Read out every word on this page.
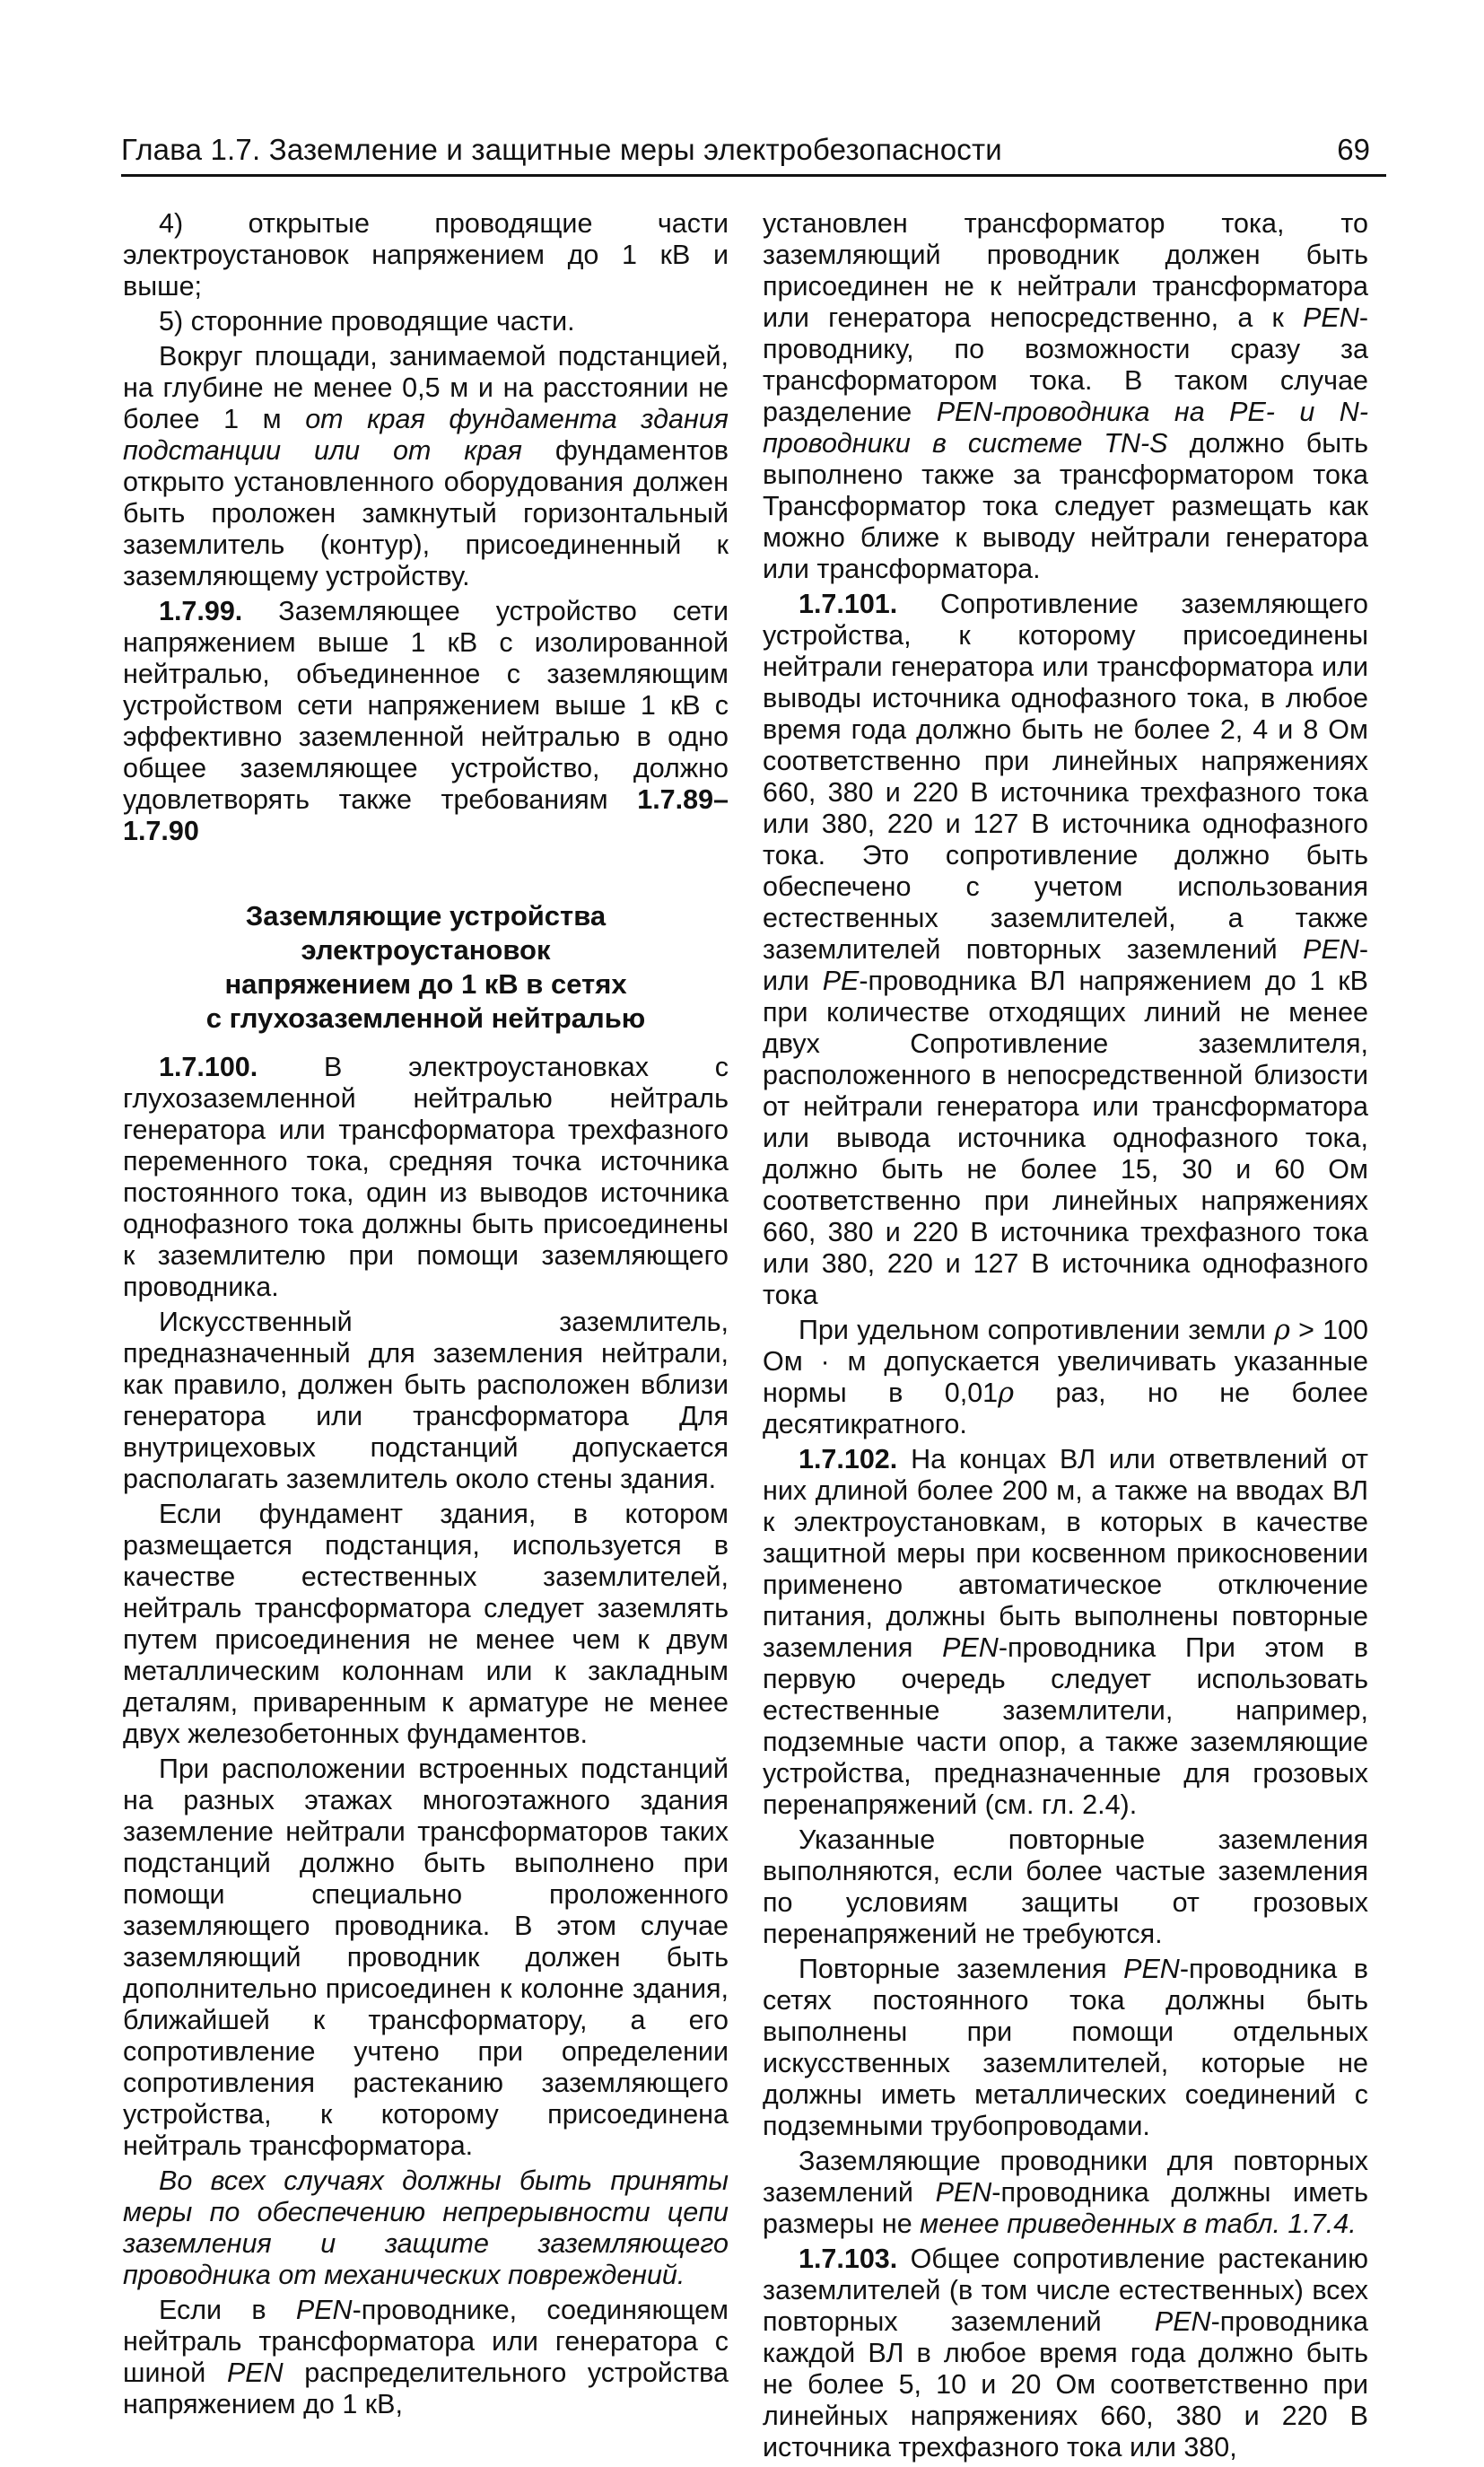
Глава 1.7. Заземление и защитные меры электробезопасности	69

4) открытые проводящие части электроустановок напряжением до 1 кВ и выше;

5) сторонние проводящие части.

Вокруг площади, занимаемой подстанцией, на глубине не менее 0,5 м и на расстоянии не более 1 м от края фундамента здания подстанции или от края фундаментов открыто установленного оборудования должен быть проложен замкнутый горизонтальный заземлитель (контур), присоединенный к заземляющему устройству.

1.7.99. Заземляющее устройство сети напряжением выше 1 кВ с изолированной нейтралью, объединенное с заземляющим устройством сети напряжением выше 1 кВ с эффективно заземленной нейтралью в одно общее заземляющее устройство, должно удовлетворять также требованиям 1.7.89–1.7.90

Заземляющие устройства электроустановок
напряжением до 1 кВ в сетях
с глухозаземленной нейтралью

1.7.100. В электроустановках с глухозаземленной нейтралью нейтраль генератора или трансформатора трехфазного переменного тока, средняя точка источника постоянного тока, один из выводов источника однофазного тока должны быть присоединены к заземлителю при помощи заземляющего проводника.

Искусственный заземлитель, предназначенный для заземления нейтрали, как правило, должен быть расположен вблизи генератора или трансформатора Для внутрицеховых подстанций допускается располагать заземлитель около стены здания.

Если фундамент здания, в котором размещается подстанция, используется в качестве естественных заземлителей, нейтраль трансформатора следует заземлять путем присоединения не менее чем к двум металлическим колоннам или к закладным деталям, приваренным к арматуре не менее двух железобетонных фундаментов.

При расположении встроенных подстанций на разных этажах многоэтажного здания заземление нейтрали трансформаторов таких подстанций должно быть выполнено при помощи специально проложенного заземляющего проводника. В этом случае заземляющий проводник должен быть дополнительно присоединен к колонне здания, ближайшей к трансформатору, а его сопротивление учтено при определении сопротивления растеканию заземляющего устройства, к которому присоединена нейтраль трансформатора.

Во всех случаях должны быть приняты меры по обеспечению непрерывности цепи заземления и защите заземляющего проводника от механических повреждений.

Если в PEN-проводнике, соединяющем нейтраль трансформатора или генератора с шиной PEN распределительного устройства напряжением до 1 кВ,

установлен трансформатор тока, то заземляющий проводник должен быть присоединен не к нейтрали трансформатора или генератора непосредственно, а к PEN-проводнику, по возможности сразу за трансформатором тока. В таком случае разделение PEN-проводника на PE- и N-проводники в системе TN-S должно быть выполнено также за трансформатором тока Трансформатор тока следует размещать как можно ближе к выводу нейтрали генератора или трансформатора.

1.7.101. Сопротивление заземляющего устройства, к которому присоединены нейтрали генератора или трансформатора или выводы источника однофазного тока, в любое время года должно быть не более 2, 4 и 8 Ом соответственно при линейных напряжениях 660, 380 и 220 В источника трехфазного тока или 380, 220 и 127 В источника однофазного тока. Это сопротивление должно быть обеспечено с учетом использования естественных заземлителей, а также заземлителей повторных заземлений PEN- или PE-проводника ВЛ напряжением до 1 кВ при количестве отходящих линий не менее двух Сопротивление заземлителя, расположенного в непосредственной близости от нейтрали генератора или трансформатора или вывода источника однофазного тока, должно быть не более 15, 30 и 60 Ом соответственно при линейных напряжениях 660, 380 и 220 В источника трехфазного тока или 380, 220 и 127 В источника однофазного тока

При удельном сопротивлении земли ρ > 100 Ом · м допускается увеличивать указанные нормы в 0,01ρ раз, но не более десятикратного.

1.7.102. На концах ВЛ или ответвлений от них длиной более 200 м, а также на вводах ВЛ к электроустановкам, в которых в качестве защитной меры при косвенном прикосновении применено автоматическое отключение питания, должны быть выполнены повторные заземления PEN-проводника При этом в первую очередь следует использовать естественные заземлители, например, подземные части опор, а также заземляющие устройства, предназначенные для грозовых перенапряжений (см. гл. 2.4).

Указанные повторные заземления выполняются, если более частые заземления по условиям защиты от грозовых перенапряжений не требуются.

Повторные заземления PEN-проводника в сетях постоянного тока должны быть выполнены при помощи отдельных искусственных заземлителей, которые не должны иметь металлических соединений с подземными трубопроводами.

Заземляющие проводники для повторных заземлений PEN-проводника должны иметь размеры не менее приведенных в табл. 1.7.4.

1.7.103. Общее сопротивление растеканию заземлителей (в том числе естественных) всех повторных заземлений PEN-проводника каждой ВЛ в любое время года должно быть не более 5, 10 и 20 Ом соответственно при линейных напряжениях 660, 380 и 220 В источника трехфазного тока или 380,
